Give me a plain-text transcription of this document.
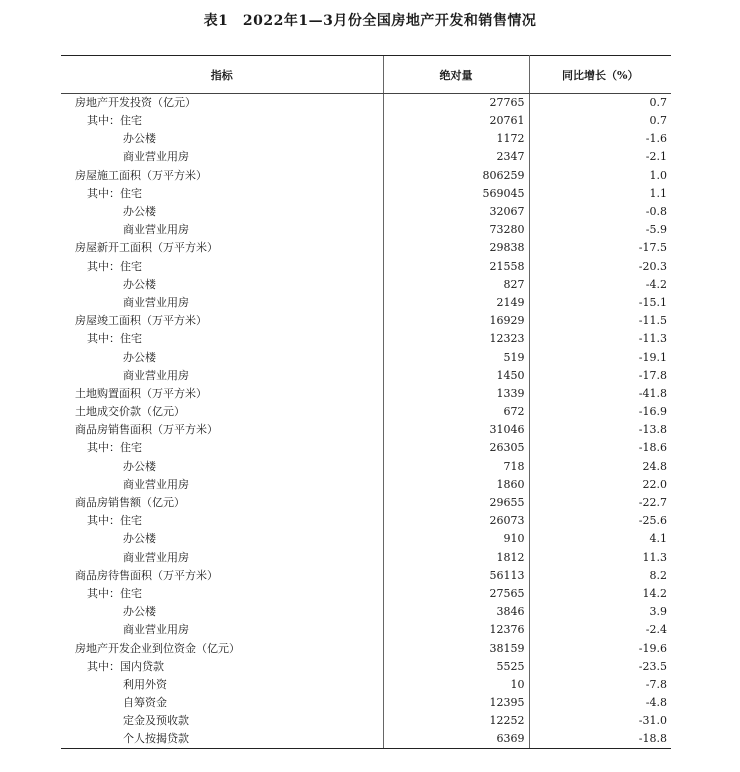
表1　2022年1—3月份全国房地产开发和销售情况
指标	绝对量	同比增长（%）
房地产开发投资（亿元）	27765	0.7
其中：住宅	20761	0.7
办公楼	1172	-1.6
商业营业用房	2347	-2.1
房屋施工面积（万平方米）	806259	1.0
其中：住宅	569045	1.1
办公楼	32067	-0.8
商业营业用房	73280	-5.9
房屋新开工面积（万平方米）	29838	-17.5
其中：住宅	21558	-20.3
办公楼	827	-4.2
商业营业用房	2149	-15.1
房屋竣工面积（万平方米）	16929	-11.5
其中：住宅	12323	-11.3
办公楼	519	-19.1
商业营业用房	1450	-17.8
土地购置面积（万平方米）	1339	-41.8
土地成交价款（亿元）	672	-16.9
商品房销售面积（万平方米）	31046	-13.8
其中：住宅	26305	-18.6
办公楼	718	24.8
商业营业用房	1860	22.0
商品房销售额（亿元）	29655	-22.7
其中：住宅	26073	-25.6
办公楼	910	4.1
商业营业用房	1812	11.3
商品房待售面积（万平方米）	56113	8.2
其中：住宅	27565	14.2
办公楼	3846	3.9
商业营业用房	12376	-2.4
房地产开发企业到位资金（亿元）	38159	-19.6
其中：国内贷款	5525	-23.5
利用外资	10	-7.8
自筹资金	12395	-4.8
定金及预收款	12252	-31.0
个人按揭贷款	6369	-18.8
